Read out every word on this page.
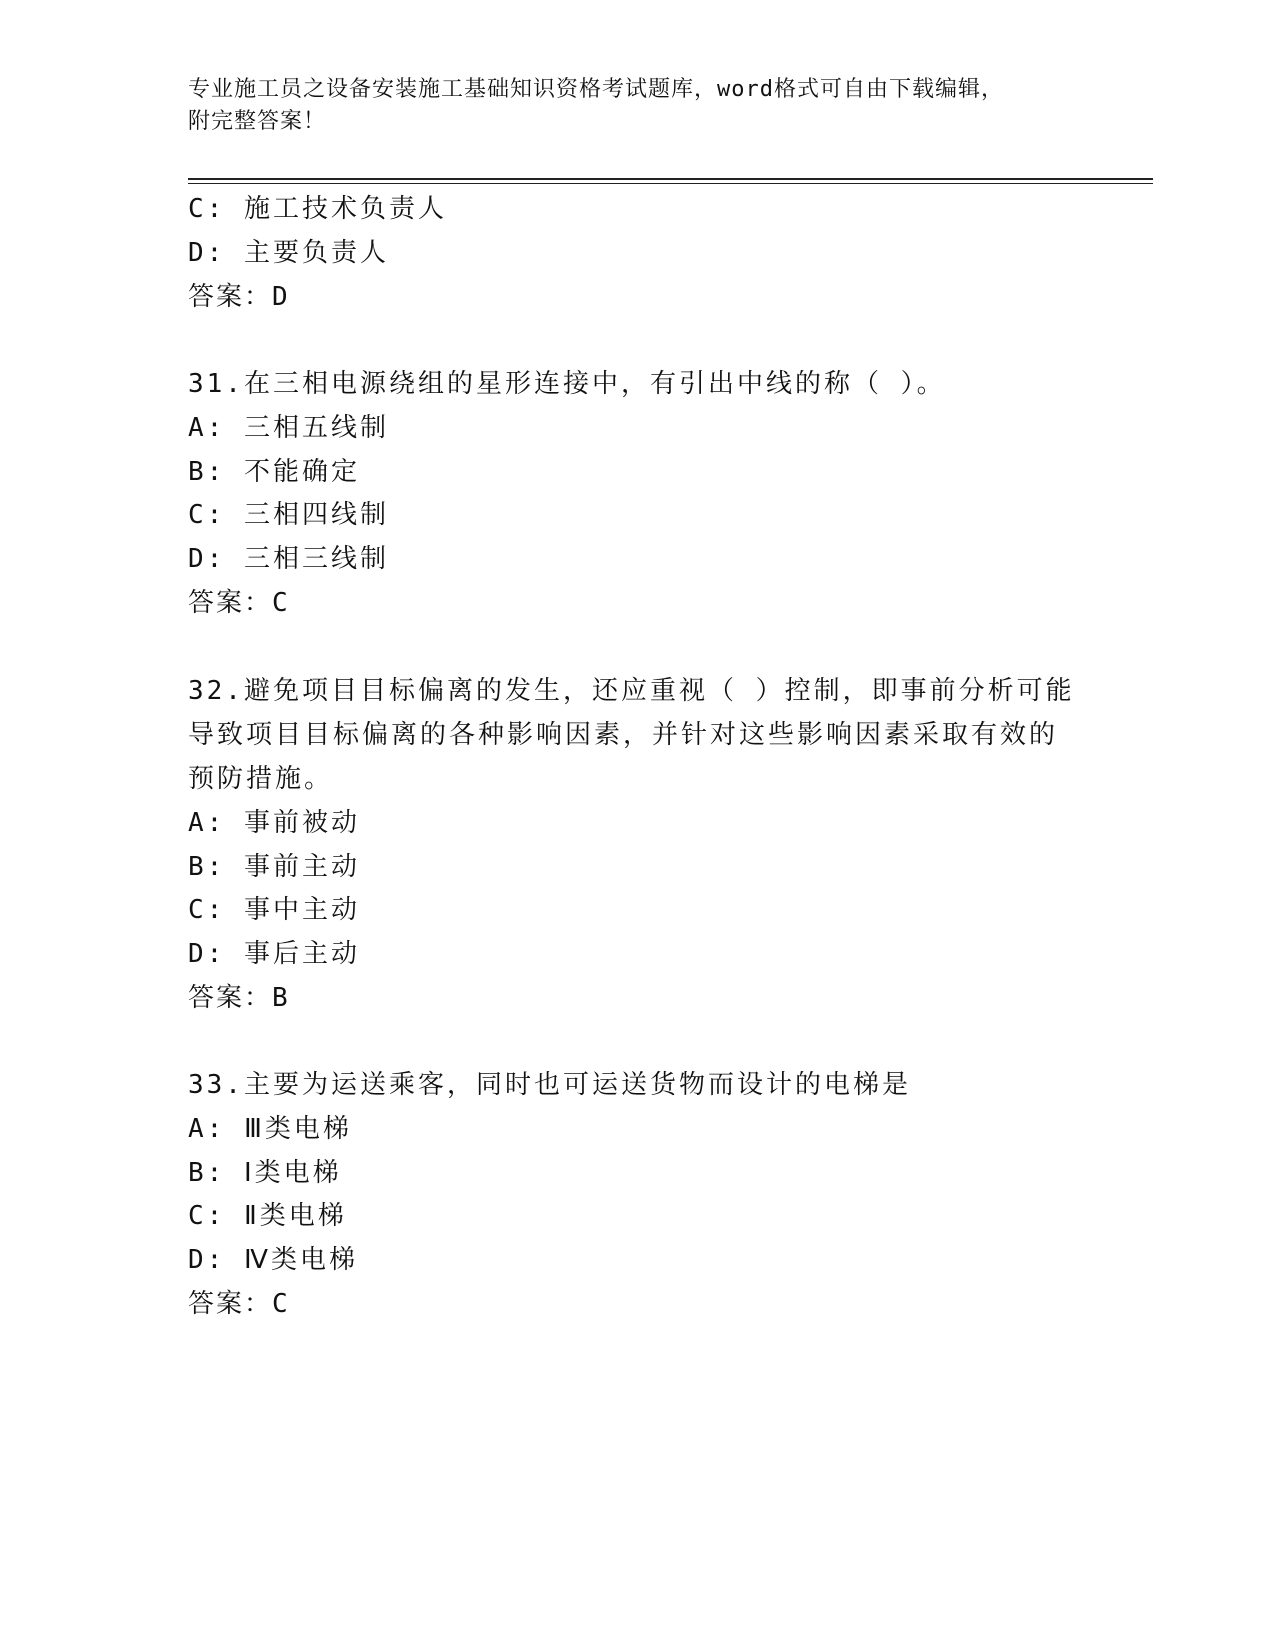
专业施工员之设备安装施工基础知识资格考试题库，word格式可自由下载编辑，

附完整答案！

C: 施工技术负责人

D: 主要负责人

答案：D

31.在三相电源绕组的星形连接中，有引出中线的称（ ）。

A: 三相五线制

B: 不能确定

C: 三相四线制

D: 三相三线制

答案：C

32.避免项目目标偏离的发生，还应重视（ ）控制，即事前分析可能

导致项目目标偏离的各种影响因素，并针对这些影响因素采取有效的

预防措施。

A: 事前被动

B: 事前主动

C: 事中主动

D: 事后主动

答案：B

33.主要为运送乘客，同时也可运送货物而设计的电梯是

A: Ⅲ类电梯

B: Ⅰ类电梯

C: Ⅱ类电梯

D: Ⅳ类电梯

答案：C
